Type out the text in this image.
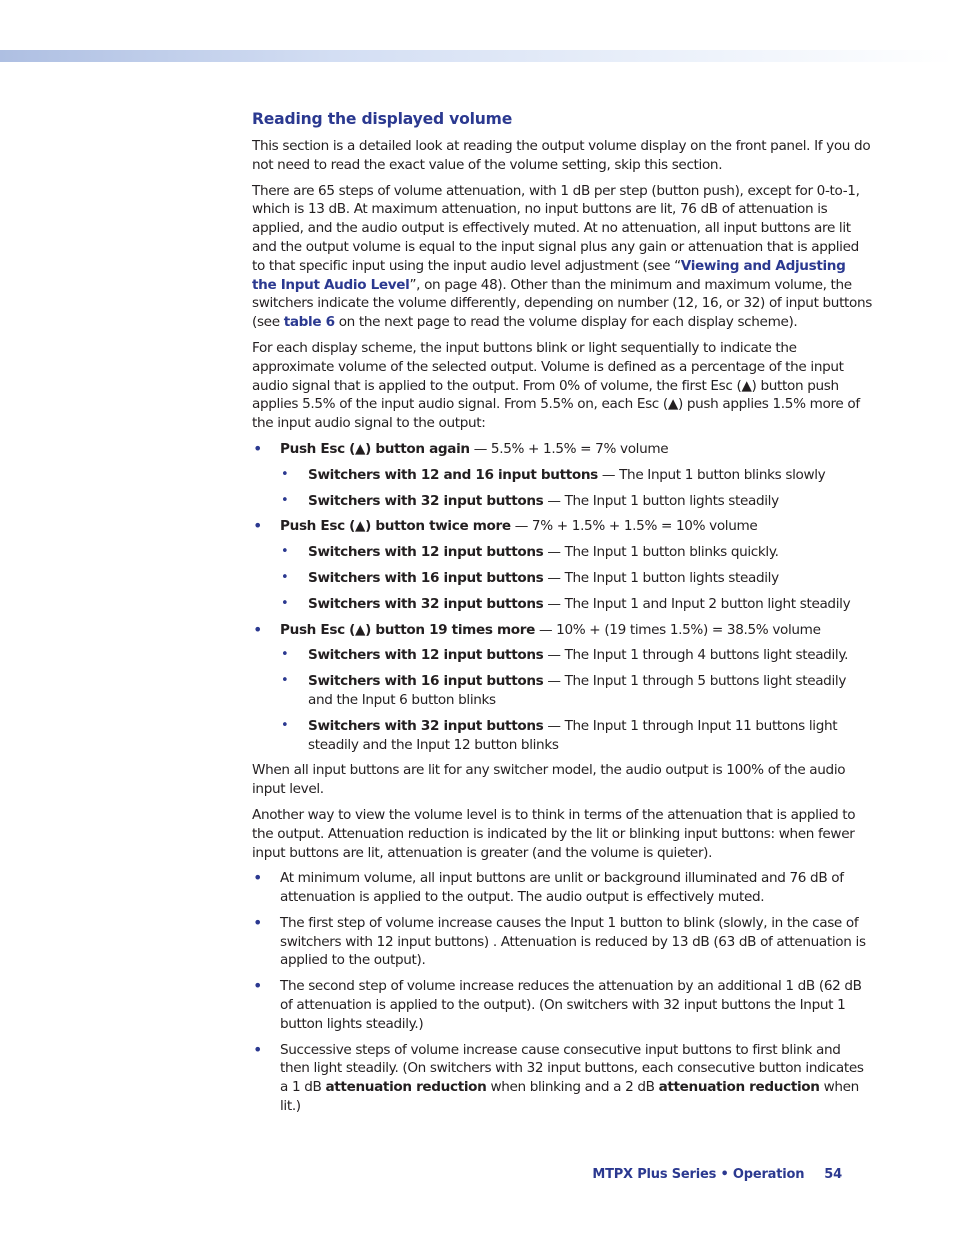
Reading the displayed volume

This section is a detailed look at reading the output volume display on the front panel. If you do not need to read the exact value of the volume setting, skip this section.

There are 65 steps of volume attenuation, with 1 dB per step (button push), except for 0-to-1, which is 13 dB. At maximum attenuation, no input buttons are lit, 76 dB of attenuation is applied, and the audio output is effectively muted. At no attenuation, all input buttons are lit and the output volume is equal to the input signal plus any gain or attenuation that is applied to that specific input using the input audio level adjustment (see “Viewing and Adjusting the Input Audio Level”, on page 48). Other than the minimum and maximum volume, the switchers indicate the volume differently, depending on number (12, 16, or 32) of input buttons (see table 6 on the next page to read the volume display for each display scheme).

For each display scheme, the input buttons blink or light sequentially to indicate the approximate volume of the selected output. Volume is defined as a percentage of the input audio signal that is applied to the output. From 0% of volume, the first Esc (▲) button push applies 5.5% of the input audio signal. From 5.5% on, each Esc (▲) push applies 1.5% more of the input audio signal to the output:

• Push Esc (▲) button again — 5.5% + 1.5% = 7% volume
• Switchers with 12 and 16 input buttons — The Input 1 button blinks slowly
• Switchers with 32 input buttons — The Input 1 button lights steadily
• Push Esc (▲) button twice more — 7% + 1.5% + 1.5% = 10% volume
• Switchers with 12 input buttons — The Input 1 button blinks quickly.
• Switchers with 16 input buttons — The Input 1 button lights steadily
• Switchers with 32 input buttons — The Input 1 and Input 2 button light steadily
• Push Esc (▲) button 19 times more — 10% + (19 times 1.5%) = 38.5% volume
• Switchers with 12 input buttons — The Input 1 through 4 buttons light steadily.
• Switchers with 16 input buttons — The Input 1 through 5 buttons light steadily and the Input 6 button blinks
• Switchers with 32 input buttons — The Input 1 through Input 11 buttons light steadily and the Input 12 button blinks

When all input buttons are lit for any switcher model, the audio output is 100% of the audio input level.

Another way to view the volume level is to think in terms of the attenuation that is applied to the output. Attenuation reduction is indicated by the lit or blinking input buttons: when fewer input buttons are lit, attenuation is greater (and the volume is quieter).

• At minimum volume, all input buttons are unlit or background illuminated and 76 dB of attenuation is applied to the output. The audio output is effectively muted.
• The first step of volume increase causes the Input 1 button to blink (slowly, in the case of switchers with 12 input buttons) . Attenuation is reduced by 13 dB (63 dB of attenuation is applied to the output).
• The second step of volume increase reduces the attenuation by an additional 1 dB (62 dB of attenuation is applied to the output). (On switchers with 32 input buttons the Input 1 button lights steadily.)
• Successive steps of volume increase cause consecutive input buttons to first blink and then light steadily. (On switchers with 32 input buttons, each consecutive button indicates a 1 dB attenuation reduction when blinking and a 2 dB attenuation reduction when lit.)
MTPX Plus Series • Operation 54
